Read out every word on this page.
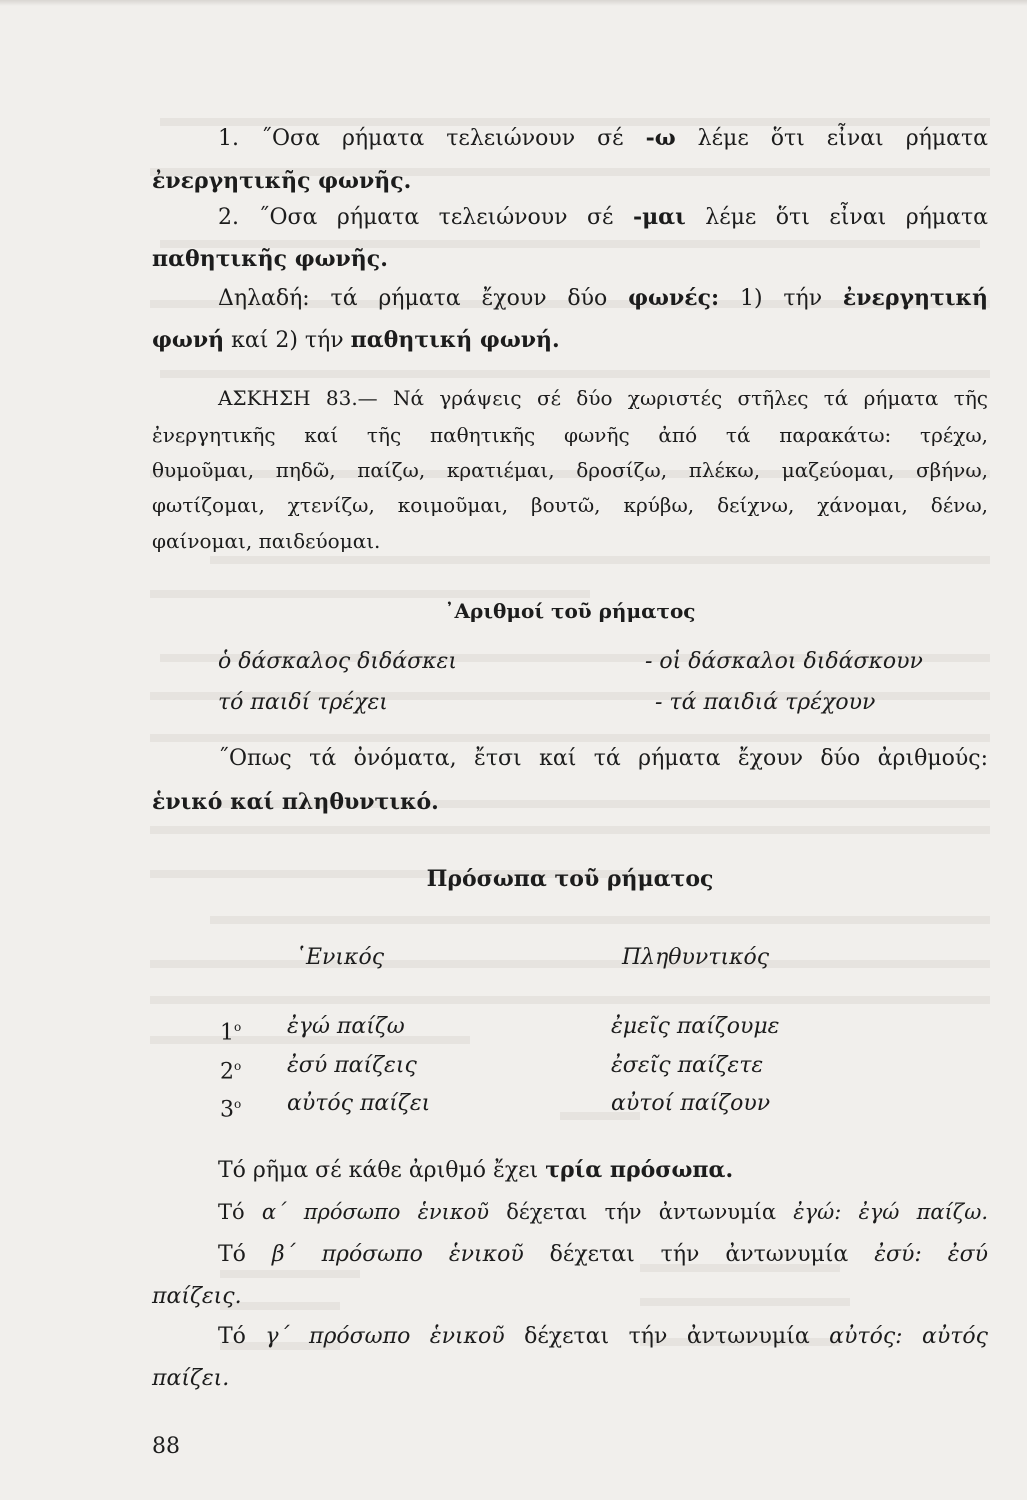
1. ˝Οσα ρήματα τελειώνουν σέ -ω λέμε ὅτι εἶναι ρήματα
ἐνεργητικῆς φωνῆς.
2. ˝Οσα ρήματα τελειώνουν σέ -μαι λέμε ὅτι εἶναι ρήματα
παθητικῆς φωνῆς.
Δηλαδή: τά ρήματα ἔχουν δύο φωνές: 1) τήν ἐνεργητική
φωνή καί 2) τήν παθητική φωνή.
ΑΣΚΗΣΗ 83.— Νά γράψεις σέ δύο χωριστές στῆλες τά ρήματα τῆς
ἐνεργητικῆς καί τῆς παθητικῆς φωνῆς ἀπό τά παρακάτω: τρέχω,
θυμοῦμαι, πηδῶ, παίζω, κρατιέμαι, δροσίζω, πλέκω, μαζεύομαι, σβήνω,
φωτίζομαι, χτενίζω, κοιμοῦμαι, βουτῶ, κρύβω, δείχνω, χάνομαι, δένω,
φαίνομαι, παιδεύομαι.
᾿Αριθμοί τοῦ ρήματος
ὁ δάσκαλος διδάσκει	- οἱ δάσκαλοι διδάσκουν
τό παιδί τρέχει	- τά παιδιά τρέχουν
˝Οπως τά ὀνόματα, ἔτσι καί τά ρήματα ἔχουν δύο ἀριθμούς:
ἑνικό καί πληθυντικό.
Πρόσωπα τοῦ ρήματος
῾Ενικός	Πληθυντικός
$1^o$ ἐγώ παίζω	ἐμεῖς παίζουμε
$2^o$ ἐσύ παίζεις	ἐσεῖς παίζετε
$3^o$ αὐτός παίζει	αὐτοί παίζουν
Τό ρῆμα σέ κάθε ἀριθμό ἔχει τρία πρόσωπα.
Τό α΄ πρόσωπο ἑνικοῦ δέχεται τήν ἀντωνυμία ἐγώ: ἐγώ παίζω.
Τό β΄ πρόσωπο ἑνικοῦ δέχεται τήν ἀντωνυμία ἐσύ: ἐσύ
παίζεις.
Τό γ΄ πρόσωπο ἑνικοῦ δέχεται τήν ἀντωνυμία αὐτός: αὐτός
παίζει.
88
